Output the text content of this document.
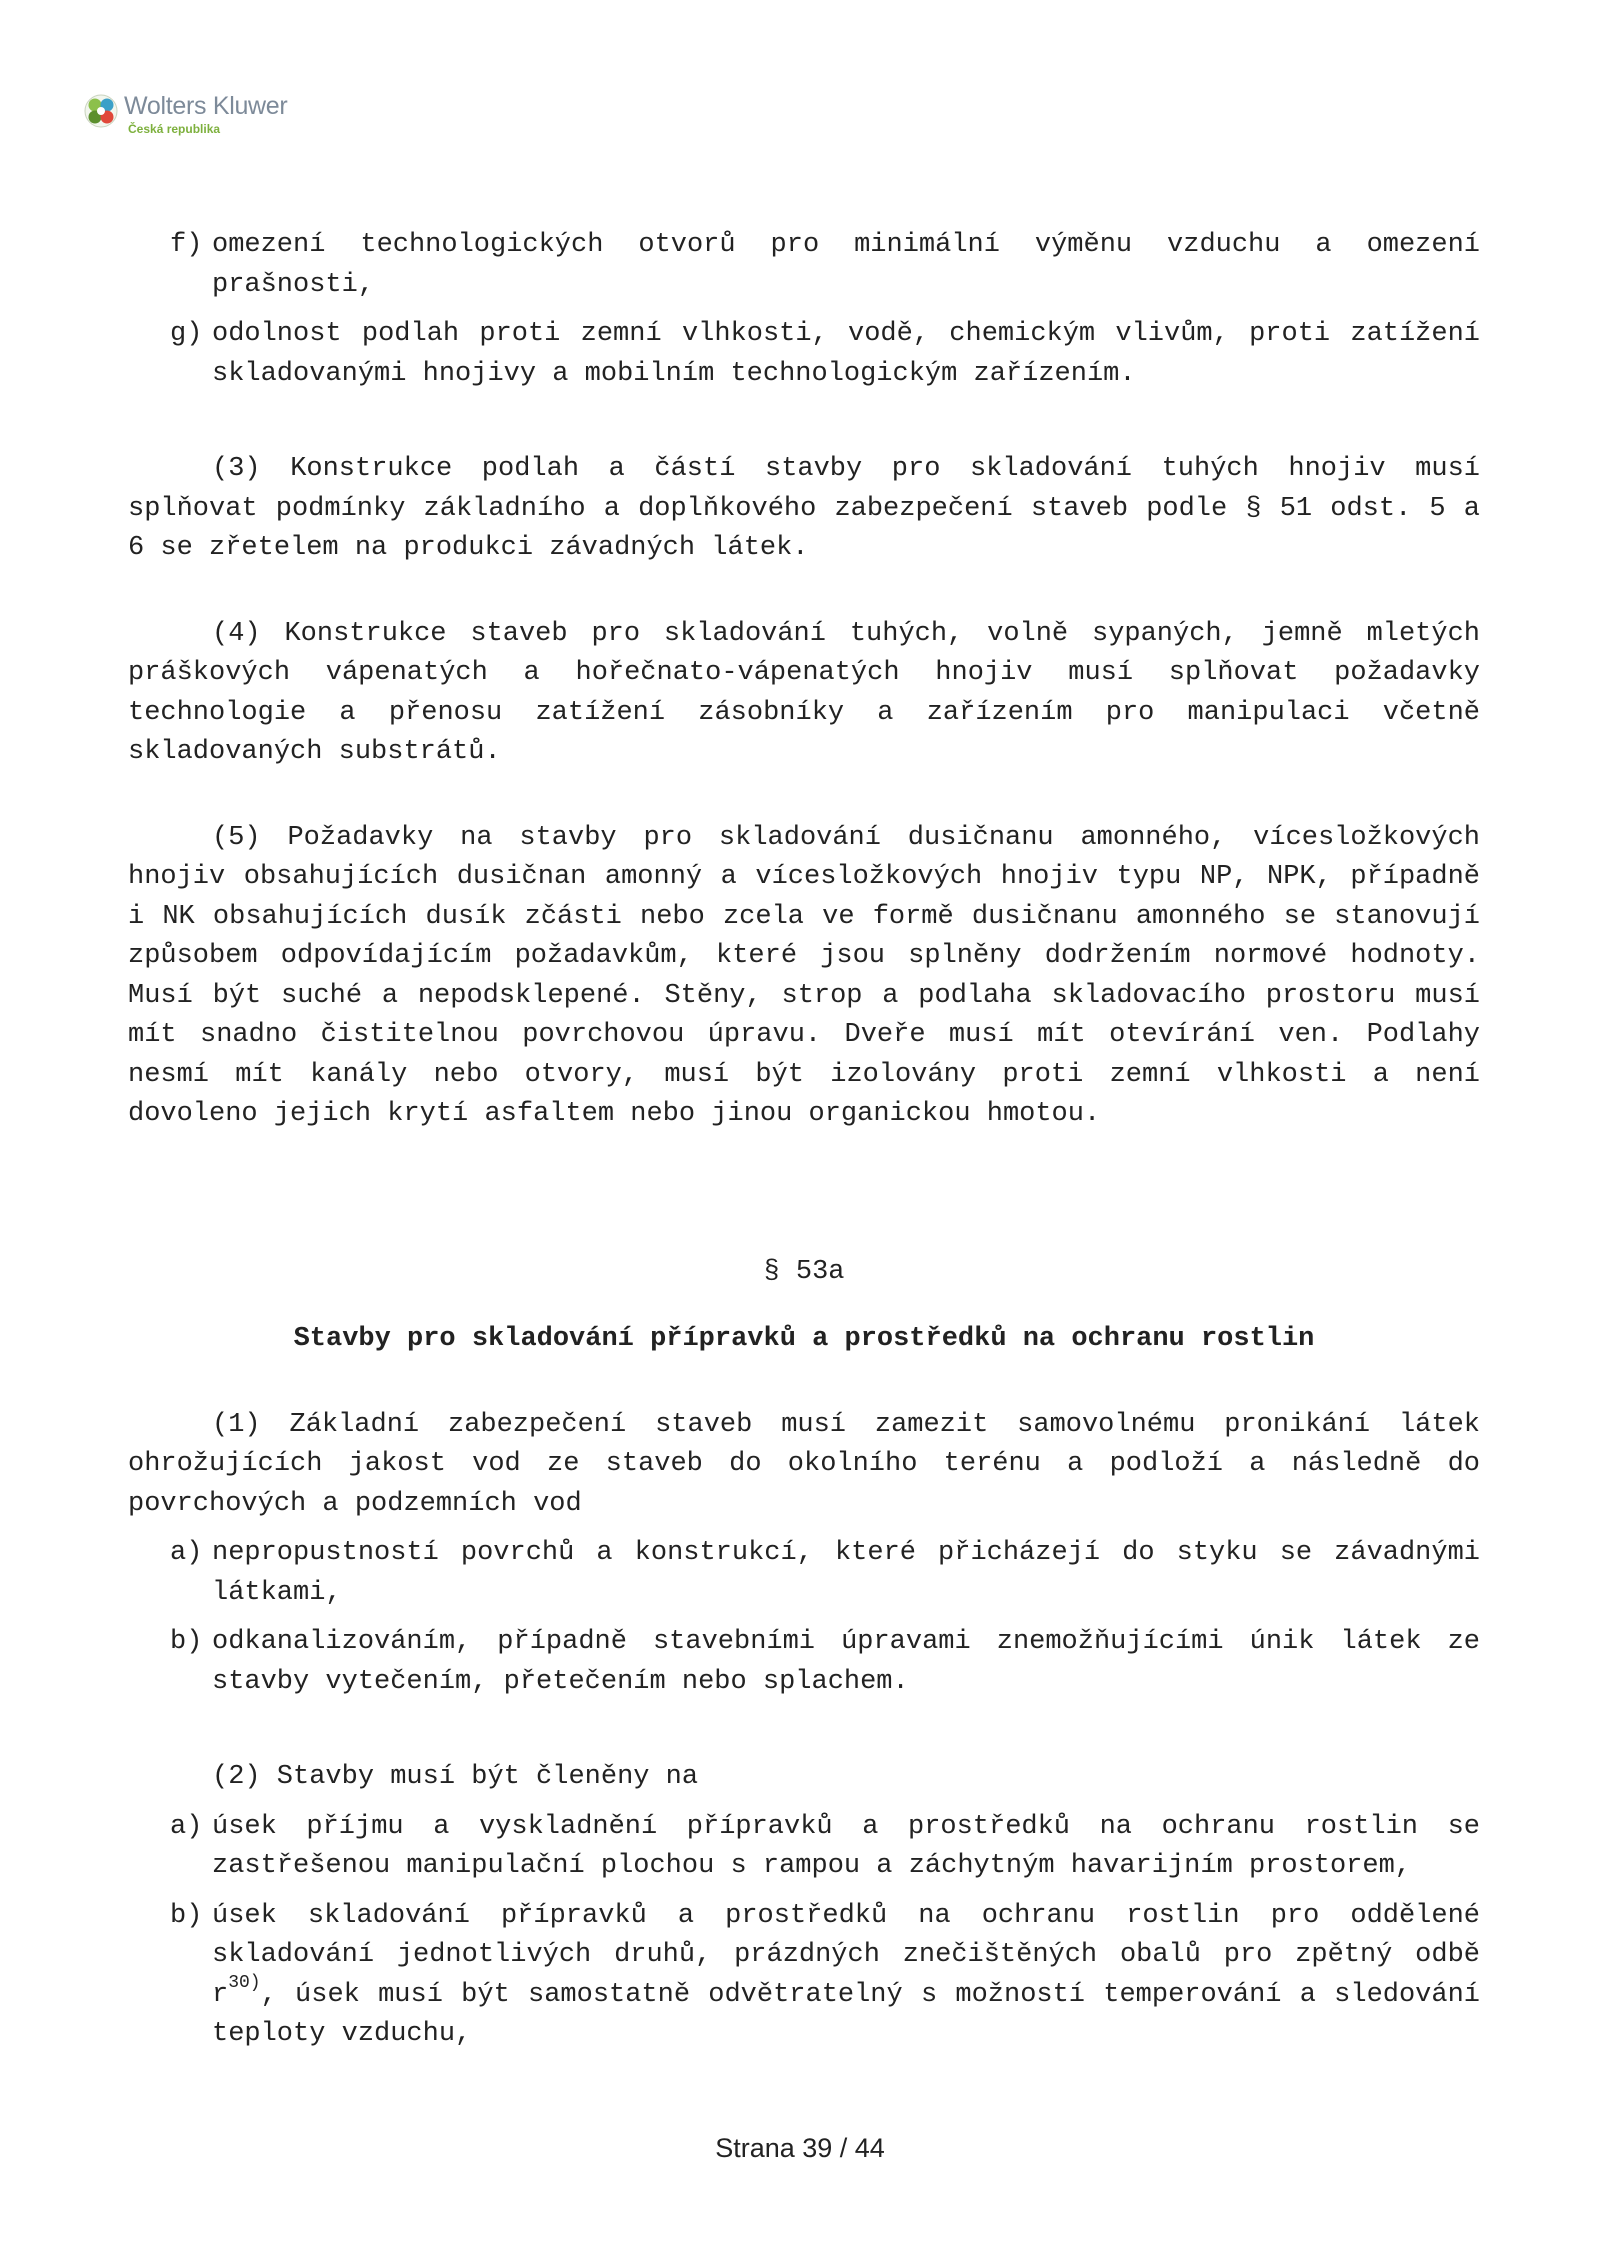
Wolters Kluwer
Česká republika
f) omezení technologických otvorů pro minimální výměnu vzduchu a omezení prašnosti,
g) odolnost podlah proti zemní vlhkosti, vodě, chemickým vlivům, proti zatížení skladovanými hnojivy a mobilním technologickým zařízením.
(3) Konstrukce podlah a částí stavby pro skladování tuhých hnojiv musí splňovat podmínky základního a doplňkového zabezpečení staveb podle § 51 odst. 5 a 6 se zřetelem na produkci závadných látek.
(4) Konstrukce staveb pro skladování tuhých, volně sypaných, jemně mletých práškových vápenatých a hořečnato-vápenatých hnojiv musí splňovat požadavky technologie a přenosu zatížení zásobníky a zařízením pro manipulaci včetně skladovaných substrátů.
(5) Požadavky na stavby pro skladování dusičnanu amonného, vícesložkových hnojiv obsahujících dusičnan amonný a vícesložkových hnojiv typu NP, NPK, případně i NK obsahujících dusík zčásti nebo zcela ve formě dusičnanu amonného se stanovují způsobem odpovídajícím požadavkům, které jsou splněny dodržením normové hodnoty. Musí být suché a nepodsklepené. Stěny, strop a podlaha skladovacího prostoru musí mít snadno čistitelnou povrchovou úpravu. Dveře musí mít otevírání ven. Podlahy nesmí mít kanály nebo otvory, musí být izolovány proti zemní vlhkosti a není dovoleno jejich krytí asfaltem nebo jinou organickou hmotou.
§ 53a
Stavby pro skladování přípravků a prostředků na ochranu rostlin
(1) Základní zabezpečení staveb musí zamezit samovolnému pronikání látek ohrožujících jakost vod ze staveb do okolního terénu a podloží a následně do povrchových a podzemních vod
a) nepropustností povrchů a konstrukcí, které přicházejí do styku se závadnými látkami,
b) odkanalizováním, případně stavebními úpravami znemožňujícími únik látek ze stavby vytečením, přetečením nebo splachem.
(2) Stavby musí být členěny na
a) úsek příjmu a vyskladnění přípravků a prostředků na ochranu rostlin se zastřešenou manipulační plochou s rampou a záchytným havarijním prostorem,
b) úsek skladování přípravků a prostředků na ochranu rostlin pro oddělené skladování jednotlivých druhů, prázdných znečištěných obalů pro zpětný odbě $r^{30)}$, úsek musí být samostatně odvětratelný s možností temperování a sledování teploty vzduchu,
Strana 39 / 44
